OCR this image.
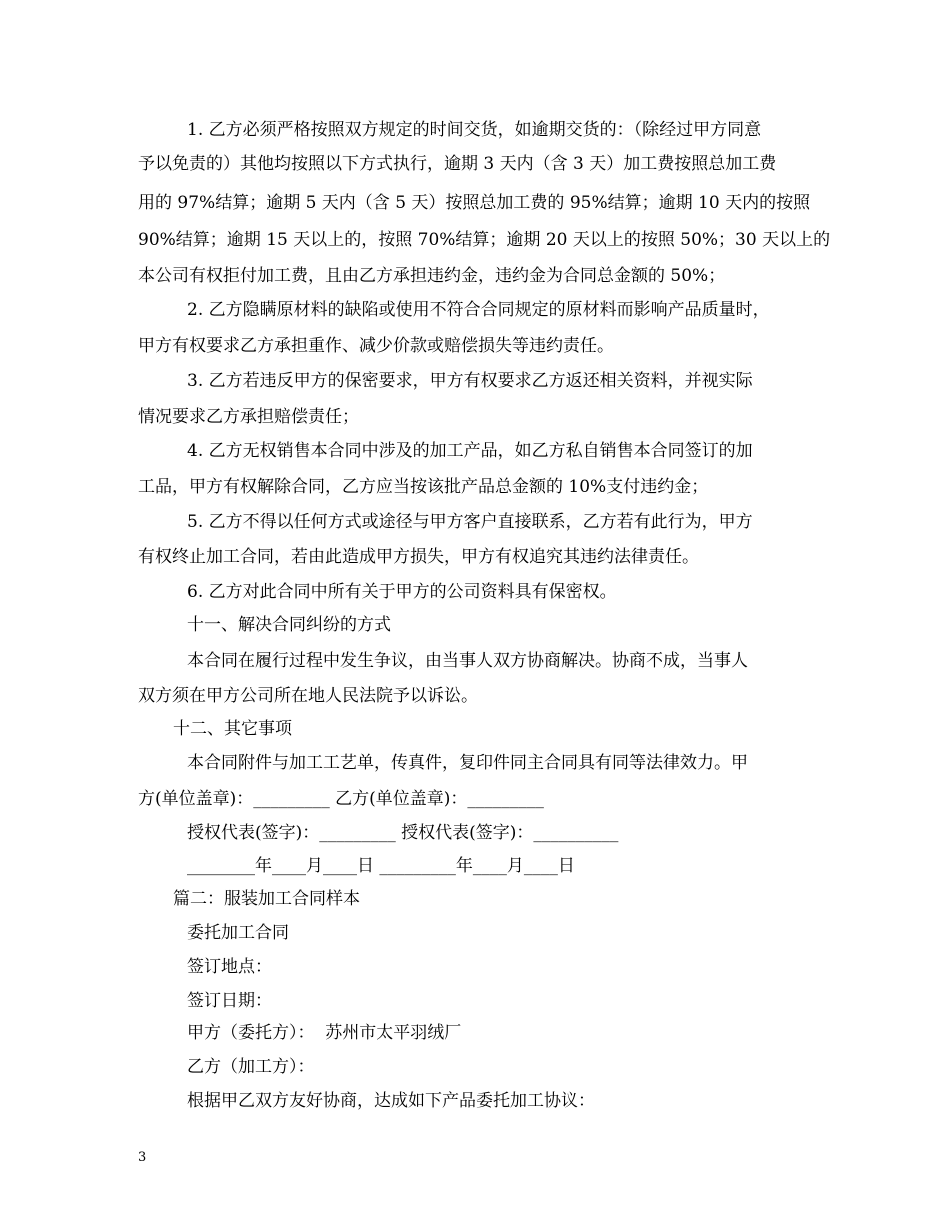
1. 乙方必须严格按照双方规定的时间交货，如逾期交货的：（除经过甲方同意

予以免责的）其他均按照以下方式执行，逾期 3 天内（含 3 天）加工费按照总加工费

用的 97%结算；逾期 5 天内（含 5 天）按照总加工费的 95%结算；逾期 10 天内的按照

90%结算；逾期 15 天以上的，按照 70%结算；逾期 20 天以上的按照 50%；30 天以上的

本公司有权拒付加工费，且由乙方承担违约金，违约金为合同总金额的 50%；

2. 乙方隐瞒原材料的缺陷或使用不符合合同规定的原材料而影响产品质量时，

甲方有权要求乙方承担重作、减少价款或赔偿损失等违约责任。

3. 乙方若违反甲方的保密要求，甲方有权要求乙方返还相关资料，并视实际

情况要求乙方承担赔偿责任；

4. 乙方无权销售本合同中涉及的加工产品，如乙方私自销售本合同签订的加

工品，甲方有权解除合同，乙方应当按该批产品总金额的 10%支付违约金；

5. 乙方不得以任何方式或途径与甲方客户直接联系，乙方若有此行为，甲方

有权终止加工合同，若由此造成甲方损失，甲方有权追究其违约法律责任。

6. 乙方对此合同中所有关于甲方的公司资料具有保密权。

十一、解决合同纠纷的方式

本合同在履行过程中发生争议，由当事人双方协商解决。协商不成，当事人

双方须在甲方公司所在地人民法院予以诉讼。

十二、其它事项

本合同附件与加工工艺单，传真件，复印件同主合同具有同等法律效力。甲

方(单位盖章)：_________ 乙方(单位盖章)：_________

授权代表(签字)：_________ 授权代表(签字)：__________

________年____月____日 _________年____月____日

篇二：服装加工合同样本

委托加工合同

签订地点：

签订日期：

甲方（委托方）：  苏州市太平羽绒厂

乙方（加工方）：

根据甲乙双方友好协商，达成如下产品委托加工协议：

3
